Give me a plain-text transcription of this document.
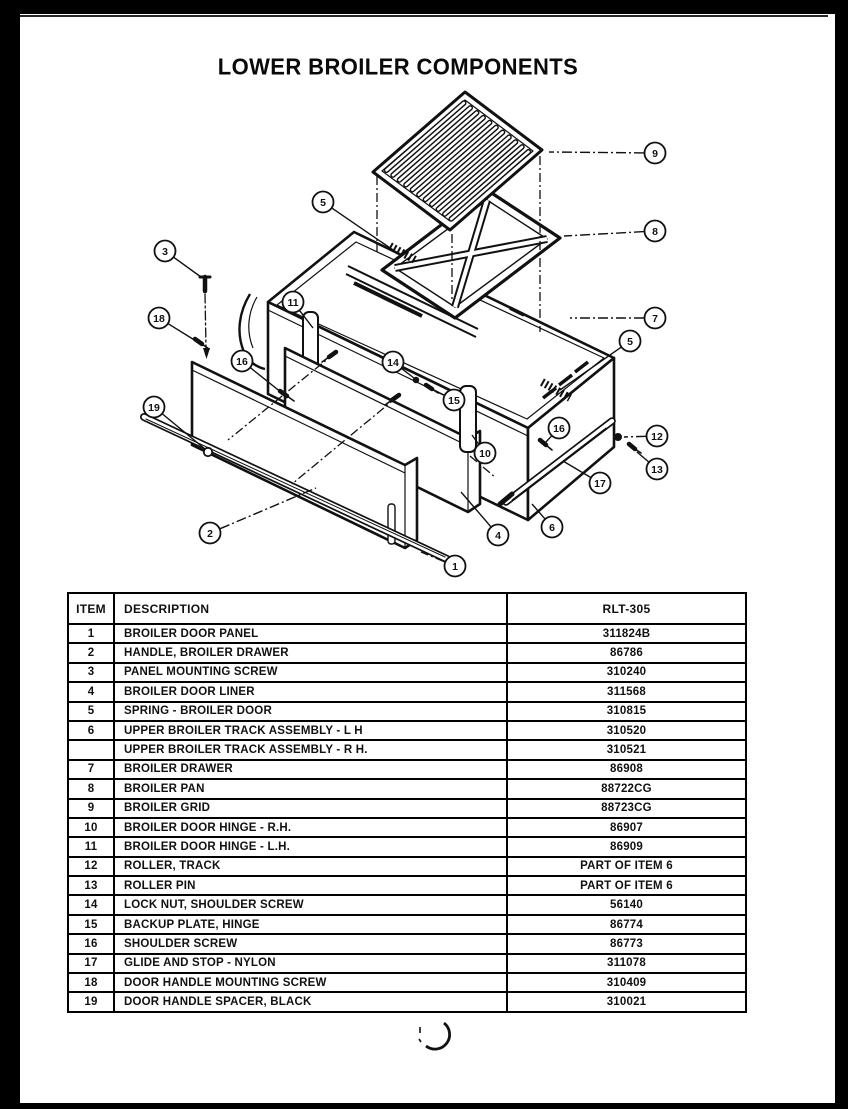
LOWER BROILER COMPONENTS
3
5
9
8
7
11
18
16	14
15
19
5
16
12
13
10
17
2	4
6
1
ITEM	DESCRIPTION	RLT-305
1	BROILER DOOR PANEL	311824B
2	HANDLE, BROILER DRAWER	86786
3	PANEL MOUNTING SCREW	310240
4	BROILER DOOR LINER	311568
5	SPRING - BROILER DOOR	310815
6	UPPER BROILER TRACK ASSEMBLY - L H	310520
	UPPER BROILER TRACK ASSEMBLY - R H.	310521
7	BROILER DRAWER	86908
8	BROILER PAN	88722CG
9	BROILER GRID	88723CG
10	BROILER DOOR HINGE - R.H.	86907
11	BROILER DOOR HINGE - L.H.	86909
12	ROLLER, TRACK	PART OF ITEM 6
13	ROLLER PIN	PART OF ITEM 6
14	LOCK NUT, SHOULDER SCREW	56140
15	BACKUP PLATE, HINGE	86774
16	SHOULDER SCREW	86773
17	GLIDE AND STOP - NYLON	311078
18	DOOR HANDLE MOUNTING SCREW	310409
19	DOOR HANDLE SPACER, BLACK	310021
